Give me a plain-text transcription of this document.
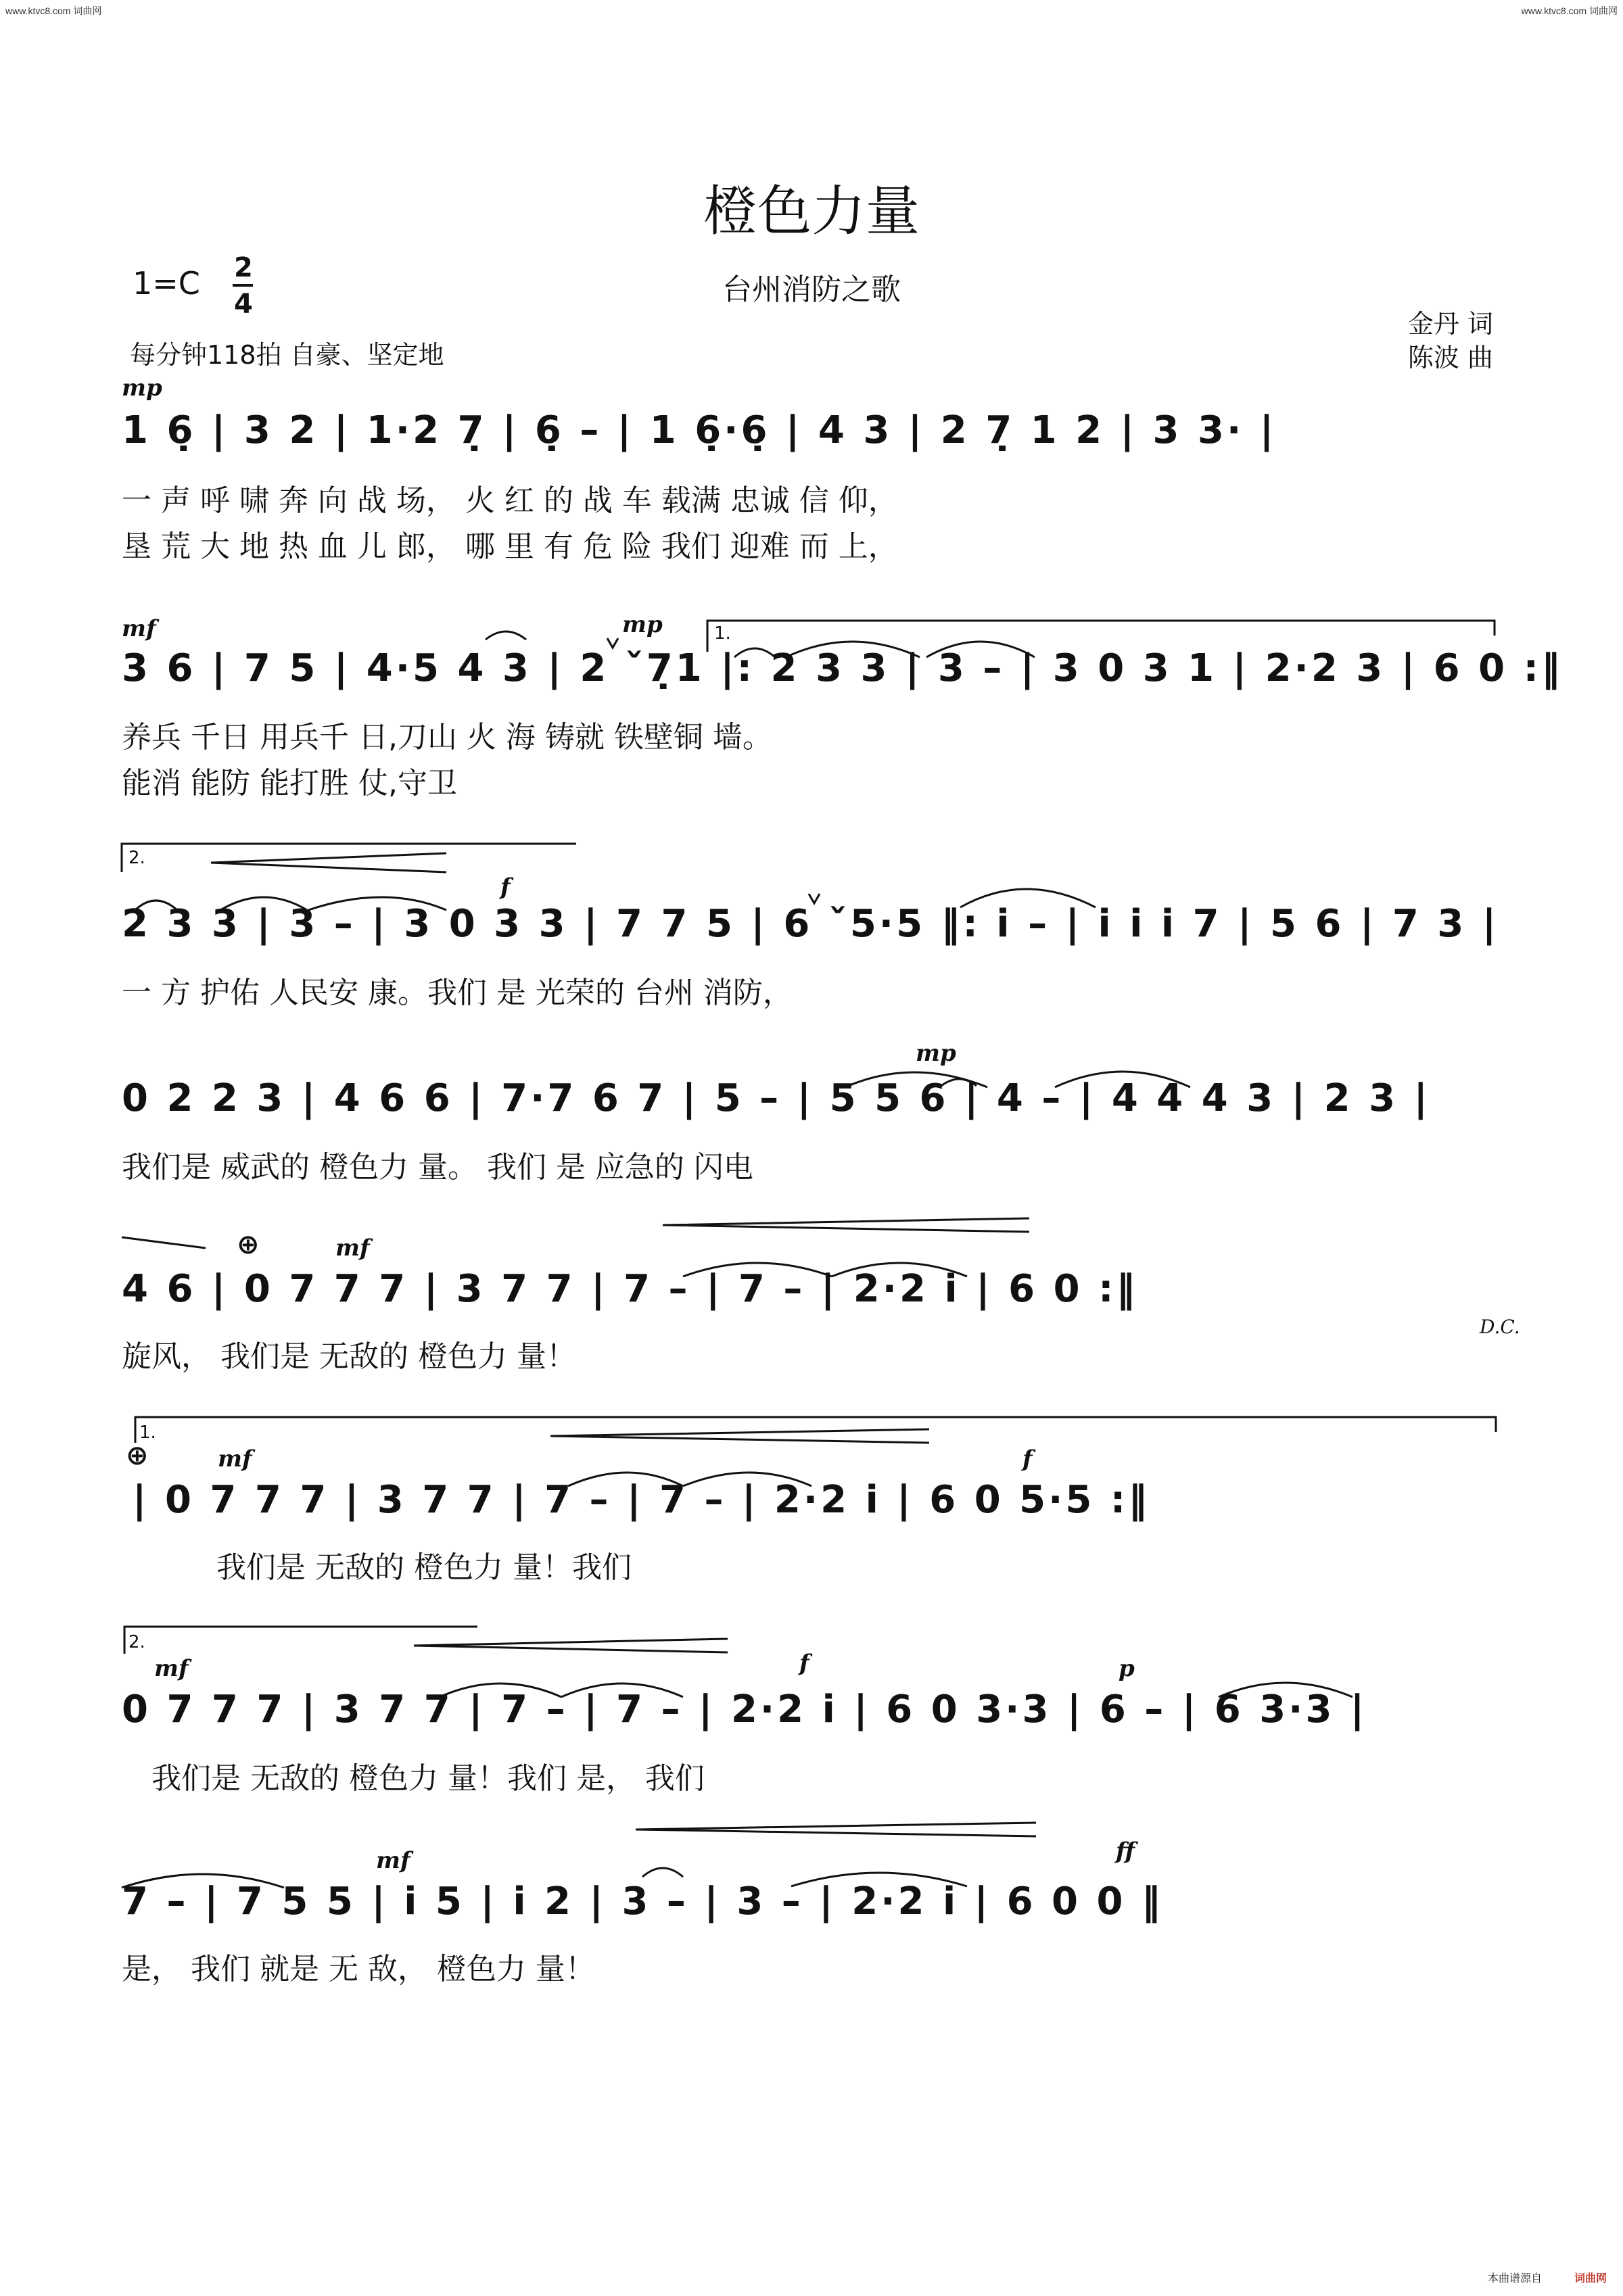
www.ktvc8.com 词曲网	www.ktvc8.com 词曲网
橙色力量
台州消防之歌
1=C 2
4
每分钟118拍 自豪、坚定地
金丹 词
陈波 曲
mp
1 6̣ | 3 2 | 1·2 7̣ | 6̣ – | 1 6̣·6̣ | 4 3 | 2 7̣ 1 2 | 3 3· |
一 声 呼 啸 奔 向 战 场， 火 红 的 战 车 载满 忠诚 信 仰，
垦 荒 大 地 热 血 儿 郎， 哪 里 有 危 险 我们 迎难 而 上，
mf	mp	1.
3 6 | 7 5 | 4·5 4 3 | 2 ˇ7̣1 |: 2 3 3 | 3 – | 3 0 3 1 | 2·2 3 | 6 0 :‖
养兵 千日 用兵千 日,刀山 火 海 铸就 铁壁铜 墙。
能消 能防 能打胜 仗,守卫
2.
f
2 3 3 | 3 – | 3 0 3 3 | 7 7 5 | 6 ˇ5·5 ‖: i – | i i i 7 | 5 6 | 7 3 |
一 方 护佑 人民安 康。我们 是 光荣的 台州 消防，
mp
0 2 2 3 | 4 6 6 | 7·7 6 7 | 5 – | 5 5 6 | 4 – | 4 4 4 3 | 2 3 |
我们是 威武的 橙色力 量。 我们 是 应急的 闪电
⊕	mf
4 6 | 0 7 7 7 | 3 7 7 | 7 – | 7 – | 2·2 i | 6 0 :‖
D.C.
旋风， 我们是 无敌的 橙色力 量！
1.
⊕	mf	f
| 0 7 7 7 | 3 7 7 | 7 – | 7 – | 2·2 i | 6 0 5·5 :‖
我们是 无敌的 橙色力 量！我们
2.
mf	f	p
0 7 7 7 | 3 7 7 | 7 – | 7 – | 2·2 i | 6 0 3·3 | 6 – | 6 3·3 |
我们是 无敌的 橙色力 量！我们 是， 我们
mf	ff
7 – | 7 5 5 | i 5 | i 2 | 3 – | 3 – | 2·2 i | 6 0 0 ‖
是， 我们 就是 无 敌， 橙色力 量！
本曲谱源自	词曲网
